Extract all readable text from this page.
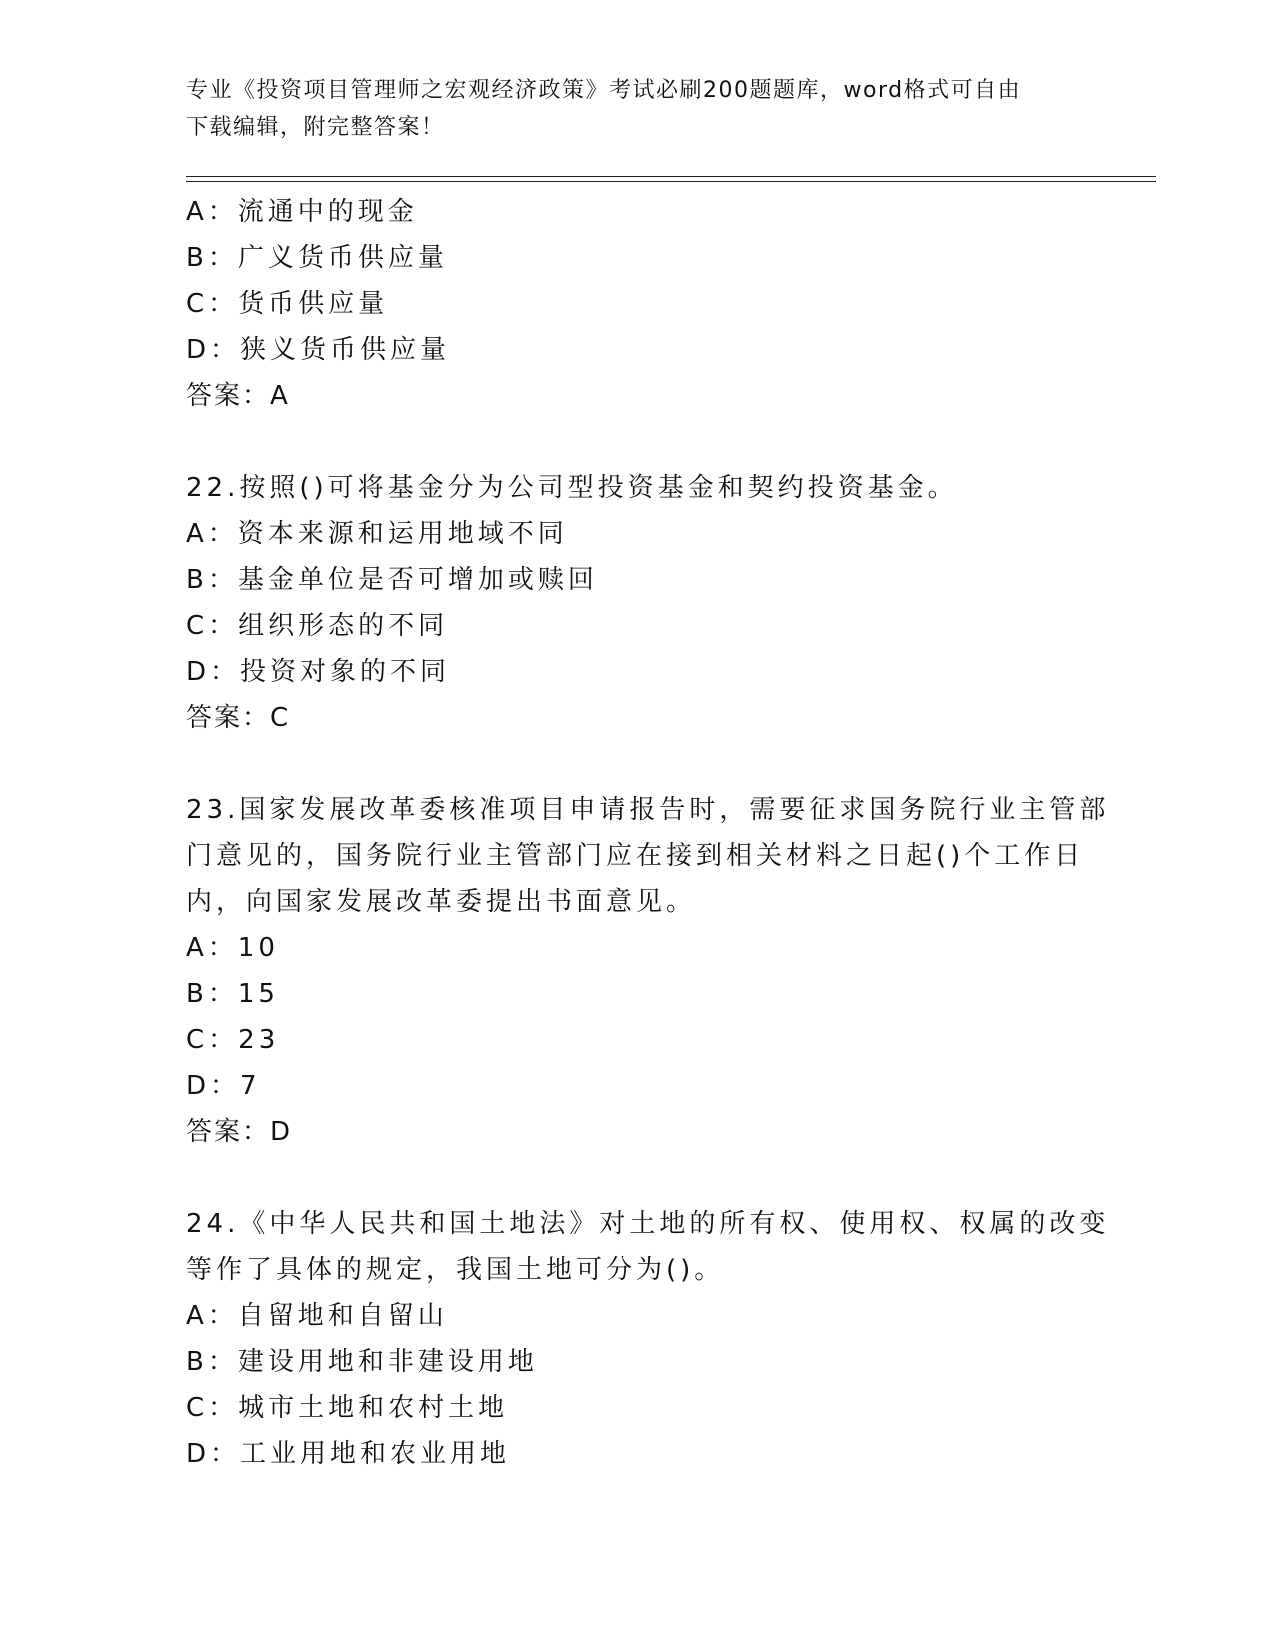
专业《投资项目管理师之宏观经济政策》考试必刷200题题库，word格式可自由
下载编辑，附完整答案！
A：流通中的现金
B：广义货币供应量
C：货币供应量
D：狭义货币供应量
答案：A
22.按照()可将基金分为公司型投资基金和契约投资基金。
A：资本来源和运用地域不同
B：基金单位是否可增加或赎回
C：组织形态的不同
D：投资对象的不同
答案：C
23.国家发展改革委核准项目申请报告时，需要征求国务院行业主管部
门意见的，国务院行业主管部门应在接到相关材料之日起()个工作日
内，向国家发展改革委提出书面意见。
A：10
B：15
C：23
D：7
答案：D
24.《中华人民共和国土地法》对土地的所有权、使用权、权属的改变
等作了具体的规定，我国土地可分为()。
A：自留地和自留山
B：建设用地和非建设用地
C：城市土地和农村土地
D：工业用地和农业用地
